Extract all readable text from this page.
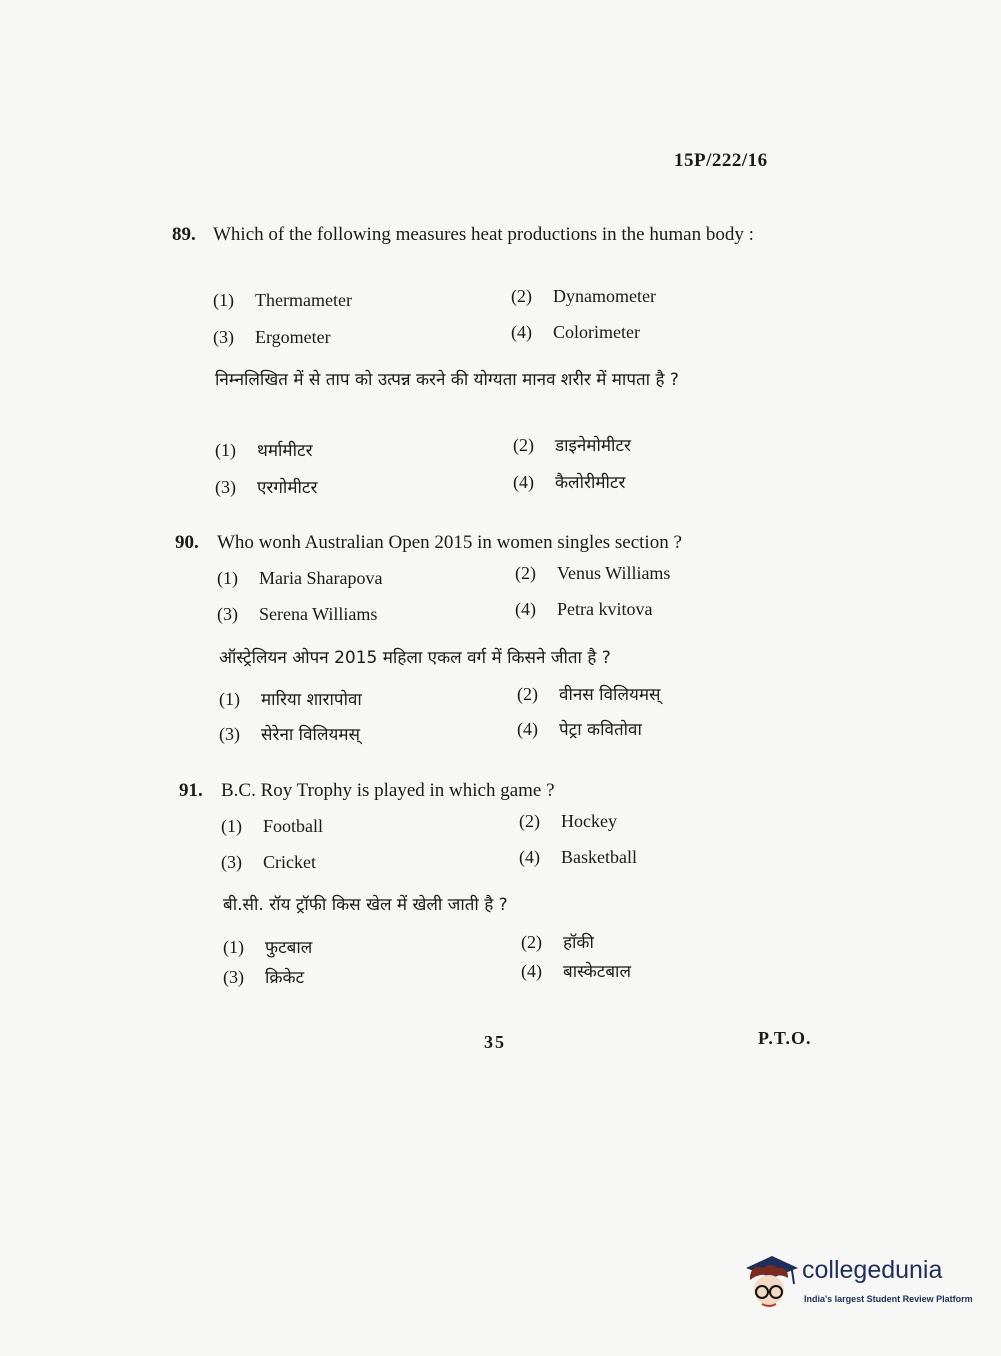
15P/222/16
89. Which of the following measures heat productions in the human body :
(1) Thermameter	(2) Dynamometer
(3) Ergometer	(4) Colorimeter
निम्नलिखित में से ताप को उत्पन्न करने की योग्यता मानव शरीर में मापता है ?
(1) थर्मामीटर	(2) डाइनेमोमीटर
(3) एरगोमीटर	(4) कैलोरीमीटर
90. Who wonh Australian Open 2015 in women singles section ?
(1) Maria Sharapova	(2) Venus Williams
(3) Serena Williams	(4) Petra kvitova
ऑस्ट्रेलियन ओपन 2015 महिला एकल वर्ग में किसने जीता है ?
(1) मारिया शारापोवा	(2) वीनस विलियमस्
(3) सेरेना विलियमस्	(4) पेट्रा कवितोवा
91. B.C. Roy Trophy is played in which game ?
(1) Football	(2) Hockey
(3) Cricket	(4) Basketball
बी.सी. रॉय ट्रॉफी किस खेल में खेली जाती है ?
(1) फुटबाल	(2) हॉकी
(3) क्रिकेट	(4) बास्केटबाल
35	P.T.O.
collegedunia
India's largest Student Review Platform
